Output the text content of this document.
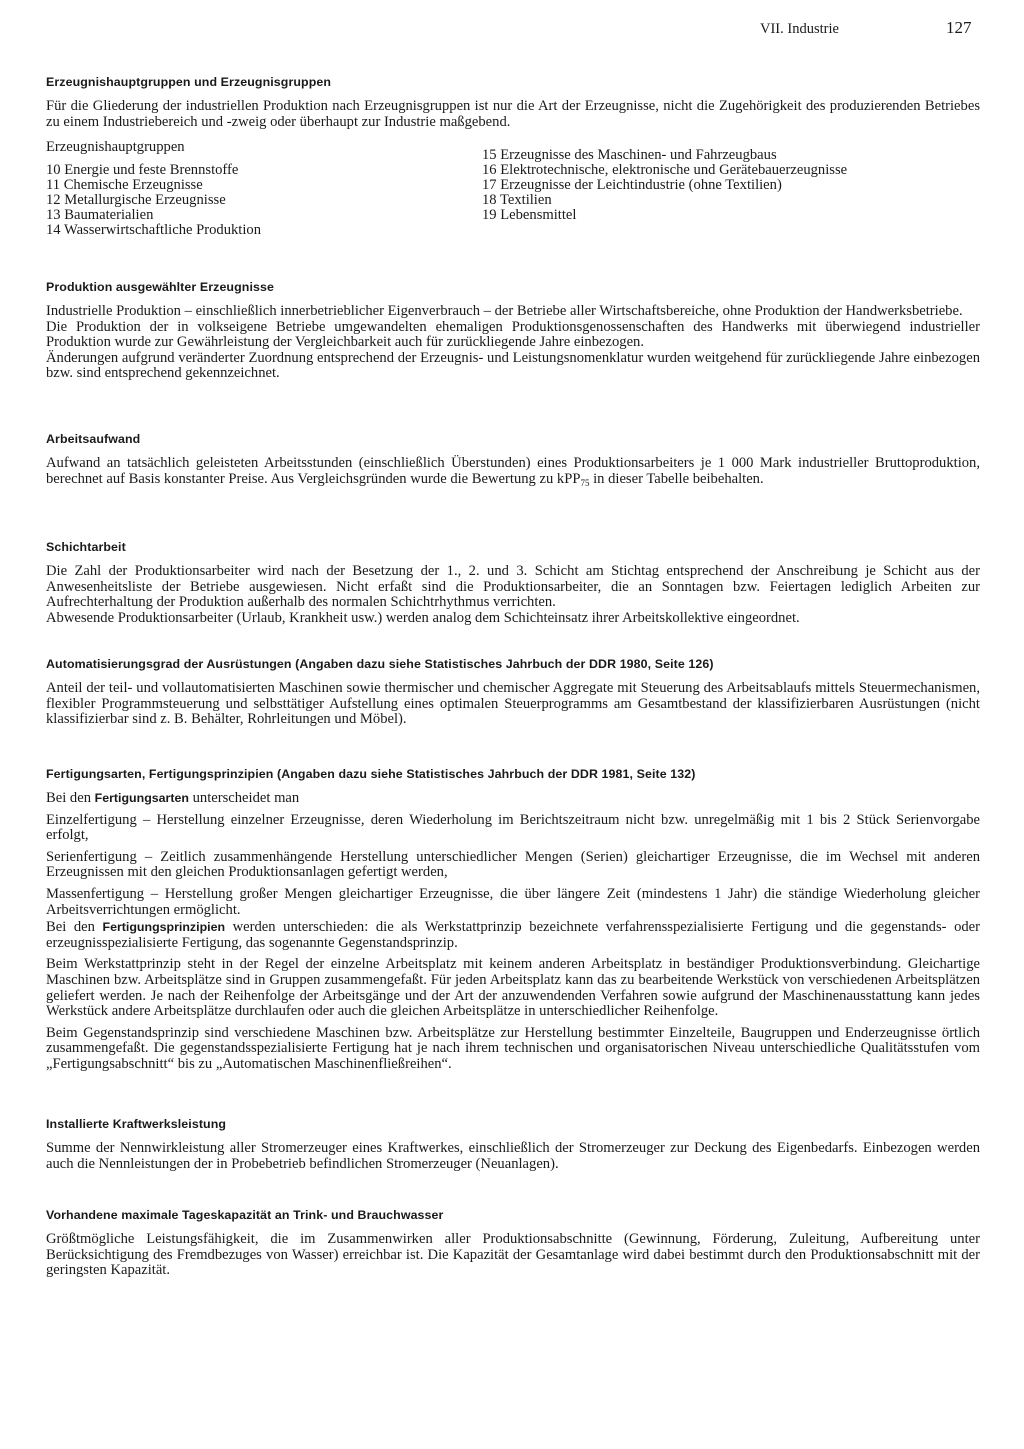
VII. Industrie	127
Erzeugnishauptgruppen und Erzeugnisgruppen

Für die Gliederung der industriellen Produktion nach Erzeugnisgruppen ist nur die Art der Erzeugnisse, nicht die Zugehörigkeit des produzierenden Betriebes zu einem Industriebereich und -zweig oder überhaupt zur Industrie maßgebend.

Erzeugnishauptgruppen
10 Energie und feste Brennstoffe
11 Chemische Erzeugnisse
12 Metallurgische Erzeugnisse
13 Baumaterialien
14 Wasserwirtschaftliche Produktion
15 Erzeugnisse des Maschinen- und Fahrzeugbaus
16 Elektrotechnische, elektronische und Gerätebauerzeugnisse
17 Erzeugnisse der Leichtindustrie (ohne Textilien)
18 Textilien
19 Lebensmittel
Produktion ausgewählter Erzeugnisse

Industrielle Produktion – einschließlich innerbetrieblicher Eigenverbrauch – der Betriebe aller Wirtschaftsbereiche, ohne Produktion der Handwerksbetriebe.

Die Produktion der in volkseigene Betriebe umgewandelten ehemaligen Produktionsgenossenschaften des Handwerks mit überwiegend industrieller Produktion wurde zur Gewährleistung der Vergleichbarkeit auch für zurückliegende Jahre einbezogen.

Änderungen aufgrund veränderter Zuordnung entsprechend der Erzeugnis- und Leistungsnomenklatur wurden weitgehend für zurückliegende Jahre einbezogen bzw. sind entsprechend gekennzeichnet.

Arbeitsaufwand

Aufwand an tatsächlich geleisteten Arbeitsstunden (einschließlich Überstunden) eines Produktionsarbeiters je 1 000 Mark industrieller Bruttoproduktion, berechnet auf Basis konstanter Preise. Aus Vergleichsgründen wurde die Bewertung zu kPP$_{75}$ in dieser Tabelle beibehalten.

Schichtarbeit

Die Zahl der Produktionsarbeiter wird nach der Besetzung der 1., 2. und 3. Schicht am Stichtag entsprechend der Anschreibung je Schicht aus der Anwesenheitsliste der Betriebe ausgewiesen. Nicht erfaßt sind die Produktionsarbeiter, die an Sonntagen bzw. Feiertagen lediglich Arbeiten zur Aufrechterhaltung der Produktion außerhalb des normalen Schichtrhythmus verrichten.

Abwesende Produktionsarbeiter (Urlaub, Krankheit usw.) werden analog dem Schichteinsatz ihrer Arbeitskollektive eingeordnet.

Automatisierungsgrad der Ausrüstungen (Angaben dazu siehe Statistisches Jahrbuch der DDR 1980, Seite 126)

Anteil der teil- und vollautomatisierten Maschinen sowie thermischer und chemischer Aggregate mit Steuerung des Arbeitsablaufs mittels Steuermechanismen, flexibler Programmsteuerung und selbsttätiger Aufstellung eines optimalen Steuerprogramms am Gesamtbestand der klassifizierbaren Ausrüstungen (nicht klassifizierbar sind z. B. Behälter, Rohrleitungen und Möbel).

Fertigungsarten, Fertigungsprinzipien (Angaben dazu siehe Statistisches Jahrbuch der DDR 1981, Seite 132)

Bei den Fertigungsarten unterscheidet man

Einzelfertigung – Herstellung einzelner Erzeugnisse, deren Wiederholung im Berichtszeitraum nicht bzw. unregelmäßig mit 1 bis 2 Stück Serienvorgabe erfolgt,

Serienfertigung – Zeitlich zusammenhängende Herstellung unterschiedlicher Mengen (Serien) gleichartiger Erzeugnisse, die im Wechsel mit anderen Erzeugnissen mit den gleichen Produktionsanlagen gefertigt werden,

Massenfertigung – Herstellung großer Mengen gleichartiger Erzeugnisse, die über längere Zeit (mindestens 1 Jahr) die ständige Wiederholung gleicher Arbeitsverrichtungen ermöglicht.

Bei den Fertigungsprinzipien werden unterschieden: die als Werkstattprinzip bezeichnete verfahrensspezialisierte Fertigung und die gegenstands- oder erzeugnisspezialisierte Fertigung, das sogenannte Gegenstandsprinzip.

Beim Werkstattprinzip steht in der Regel der einzelne Arbeitsplatz mit keinem anderen Arbeitsplatz in beständiger Produktionsverbindung. Gleichartige Maschinen bzw. Arbeitsplätze sind in Gruppen zusammengefaßt. Für jeden Arbeitsplatz kann das zu bearbeitende Werkstück von verschiedenen Arbeitsplätzen geliefert werden. Je nach der Reihenfolge der Arbeitsgänge und der Art der anzuwendenden Verfahren sowie aufgrund der Maschinenausstattung kann jedes Werkstück andere Arbeitsplätze durchlaufen oder auch die gleichen Arbeitsplätze in unterschiedlicher Reihenfolge.

Beim Gegenstandsprinzip sind verschiedene Maschinen bzw. Arbeitsplätze zur Herstellung bestimmter Einzelteile, Baugruppen und Enderzeugnisse örtlich zusammengefaßt. Die gegenstandsspezialisierte Fertigung hat je nach ihrem technischen und organisatorischen Niveau unterschiedliche Qualitätsstufen vom „Fertigungsabschnitt“ bis zu „Automatischen Maschinenfließreihen“.

Installierte Kraftwerksleistung

Summe der Nennwirkleistung aller Stromerzeuger eines Kraftwerkes, einschließlich der Stromerzeuger zur Deckung des Eigenbedarfs. Einbezogen werden auch die Nennleistungen der in Probebetrieb befindlichen Stromerzeuger (Neuanlagen).

Vorhandene maximale Tageskapazität an Trink- und Brauchwasser

Größtmögliche Leistungsfähigkeit, die im Zusammenwirken aller Produktionsabschnitte (Gewinnung, Förderung, Zuleitung, Aufbereitung unter Berücksichtigung des Fremdbezuges von Wasser) erreichbar ist. Die Kapazität der Gesamtanlage wird dabei bestimmt durch den Produktionsabschnitt mit der geringsten Kapazität.
